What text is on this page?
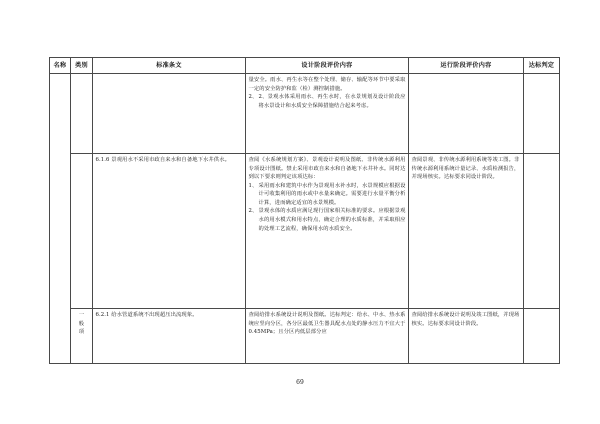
名称	类别	标准条文	设计阶段评价内容	运行阶段评价内容	达标判定

			量安全。雨水、再生水等在整个处理、储存、输配等环节中要采取一定的安全防护和监（检）测控制措施。
2、 2、景观水体采用雨水、再生水时，在水景规划及设计阶段应将水景设计和水质安全保障措施结合起来考虑。		

		6.1.6 景观用水不采用市政自来水和自备地下水井供水。	查阅《水系统规划方案》、景观设计说明及图纸、非传统水源利用专项设计图纸。禁止采用市政自来水和自备地下水井补水。同时达到以下要求则判定该项达标：
1、 采用雨水和建筑中水作为景观用水补水时，水景规模应根据设计可收集利用的雨水或中水量来确定。需要进行水量平衡分析计算，进而确定适宜的水景规模。
2、 景观水体的水质应满足现行国家相关标准的要求。应根据景观水的用水模式和用水特点，确定合理的水质标准，并采取相应的处理工艺流程，确保用水的水质安全。	查阅景观、非传统水源利用系统等竣工图。非传统水源利用系统计量记录、水质检测报告，并现场核实。达标要求同设计阶段。	

	一
般
项	6.2.1 给水管道系统不出现超压出流现象。	查阅给排水系统设计说明及图纸。达标判定：给水、中水、热水系统应竖向分区，各分区最低卫生器具配水点处的静水压力不宜大于 0.45MPa；且分区内低层部分应	查阅给排水系统设计说明及竣工图纸，并现场核实。达标要求同设计阶段。	
69
